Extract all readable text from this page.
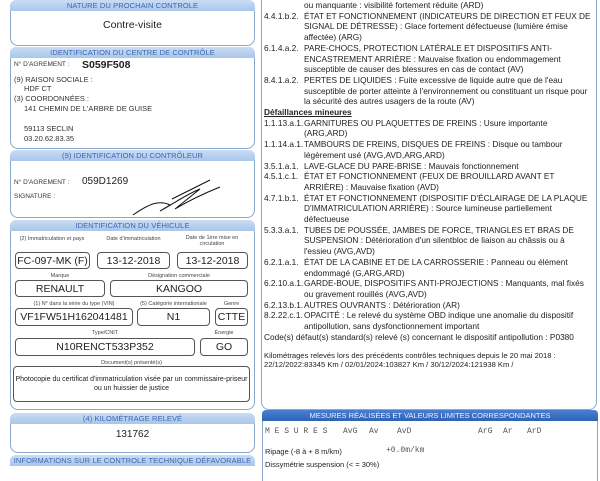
NATURE DU PROCHAIN CONTROLE
Contre-visite
IDENTIFICATION DU CENTRE DE CONTRÔLE
N° D'AGREMENT : S059F508
(9) RAISON SOCIALE :
HDF CT
(3) COORDONNÉES :
141 CHEMIN DE L'ARBRE DE GUISE
59113 SECLIN
03.20.62.83.35
(9) IDENTIFICATION DU CONTRÔLEUR
N° D'AGREMENT : 059D1269
SIGNATURE :
IDENTIFICATION DU VÉHICULE
(2) Immatriculation et pays	Date d'immatriculation	Date de 1ère mise en circulation
FC-097-MK (F)	13-12-2018	13-12-2018
Marque	Désignation commerciale
RENAULT	KANGOO
(1) N° dans la série du type (VIN)	(5) Catégorie internationale	Genre
VF1FW51H162041481	N1	CTTE
Type/CNIT	Énergie
N10RENCT533P352	GO
Document(s) présenté(s)
Photocopie du certificat d'immatriculation visée par un commissaire-priseur ou un huissier de justice
(4) KILOMÉTRAGE RELEVÉ
131762
INFORMATIONS SUR LE CONTROLE TECHNIQUE DÉFAVORABLE
ou manquante : visibilité fortement réduite (ARD)
4.4.1.b.2. ÉTAT ET FONCTIONNEMENT (INDICATEURS DE DIRECTION ET FEUX DE SIGNAL DE DÉTRESSE) : Glace fortement défectueuse (lumière émise affectée) (ARG)
6.1.4.a.2. PARE-CHOCS, PROTECTION LATÉRALE ET DISPOSITIFS ANTI-ENCASTREMENT ARRIÈRE : Mauvaise fixation ou endommagement susceptible de causer des blessures en cas de contact (AV)
8.4.1.a.2. PERTES DE LIQUIDES : Fuite excessive de liquide autre que de l'eau susceptible de porter atteinte à l'environnement ou constituant un risque pour la sécurité des autres usagers de la route (AV)
Défaillances mineures
1.1.13.a.1. GARNITURES OU PLAQUETTES DE FREINS : Usure importante (ARG,ARD)
1.1.14.a.1. TAMBOURS DE FREINS, DISQUES DE FREINS : Disque ou tambour légèrement usé (AVG,AVD,ARG,ARD)
3.5.1.a.1. LAVE-GLACE DU PARE-BRISE : Mauvais fonctionnement
4.5.1.c.1. ÉTAT ET FONCTIONNEMENT (FEUX DE BROUILLARD AVANT ET ARRIÈRE) : Mauvaise fixation (AVD)
4.7.1.b.1. ÉTAT ET FONCTIONNEMENT (DISPOSITIF D'ÉCLAIRAGE DE LA PLAQUE D'IMMATRICULATION ARRIÈRE) : Source lumineuse partiellement défectueuse
5.3.3.a.1. TUBES DE POUSSÉE, JAMBES DE FORCE, TRIANGLES ET BRAS DE SUSPENSION : Détérioration d'un silentbloc de liaison au châssis ou à l'essieu (AVG,AVD)
6.2.1.a.1. ÉTAT DE LA CABINE ET DE LA CARROSSERIE : Panneau ou élément endommagé (G,ARG,ARD)
6.2.10.a.1. GARDE-BOUE, DISPOSITIFS ANTI-PROJECTIONS : Manquants, mal fixés ou gravement rouillés (AVG,AVD)
6.2.13.b.1. AUTRES OUVRANTS : Détérioration (AR)
8.2.22.c.1. OPACITÉ : Le relevé du système OBD indique une anomalie du dispositif antipollution, sans dysfonctionnement important
Code(s) défaut(s) standard(s) relevé (s) concernant le dispositif antipollution : P0380
Kilométrages relevés lors des précédents contrôles techniques depuis le 20 mai 2018 : 22/12/2022:83345 Km / 02/01/2024:103827 Km / 30/12/2024:121938 Km /
MESURES RÉALISÉES ET VALEURS LIMITES CORRESPONDANTES
M E S U R E S AvG Av AvD	ArG Ar ArD
Ripage (-8 à + 8 m/km)	+0.0m/km
Dissymétrie suspension (< = 30%)
